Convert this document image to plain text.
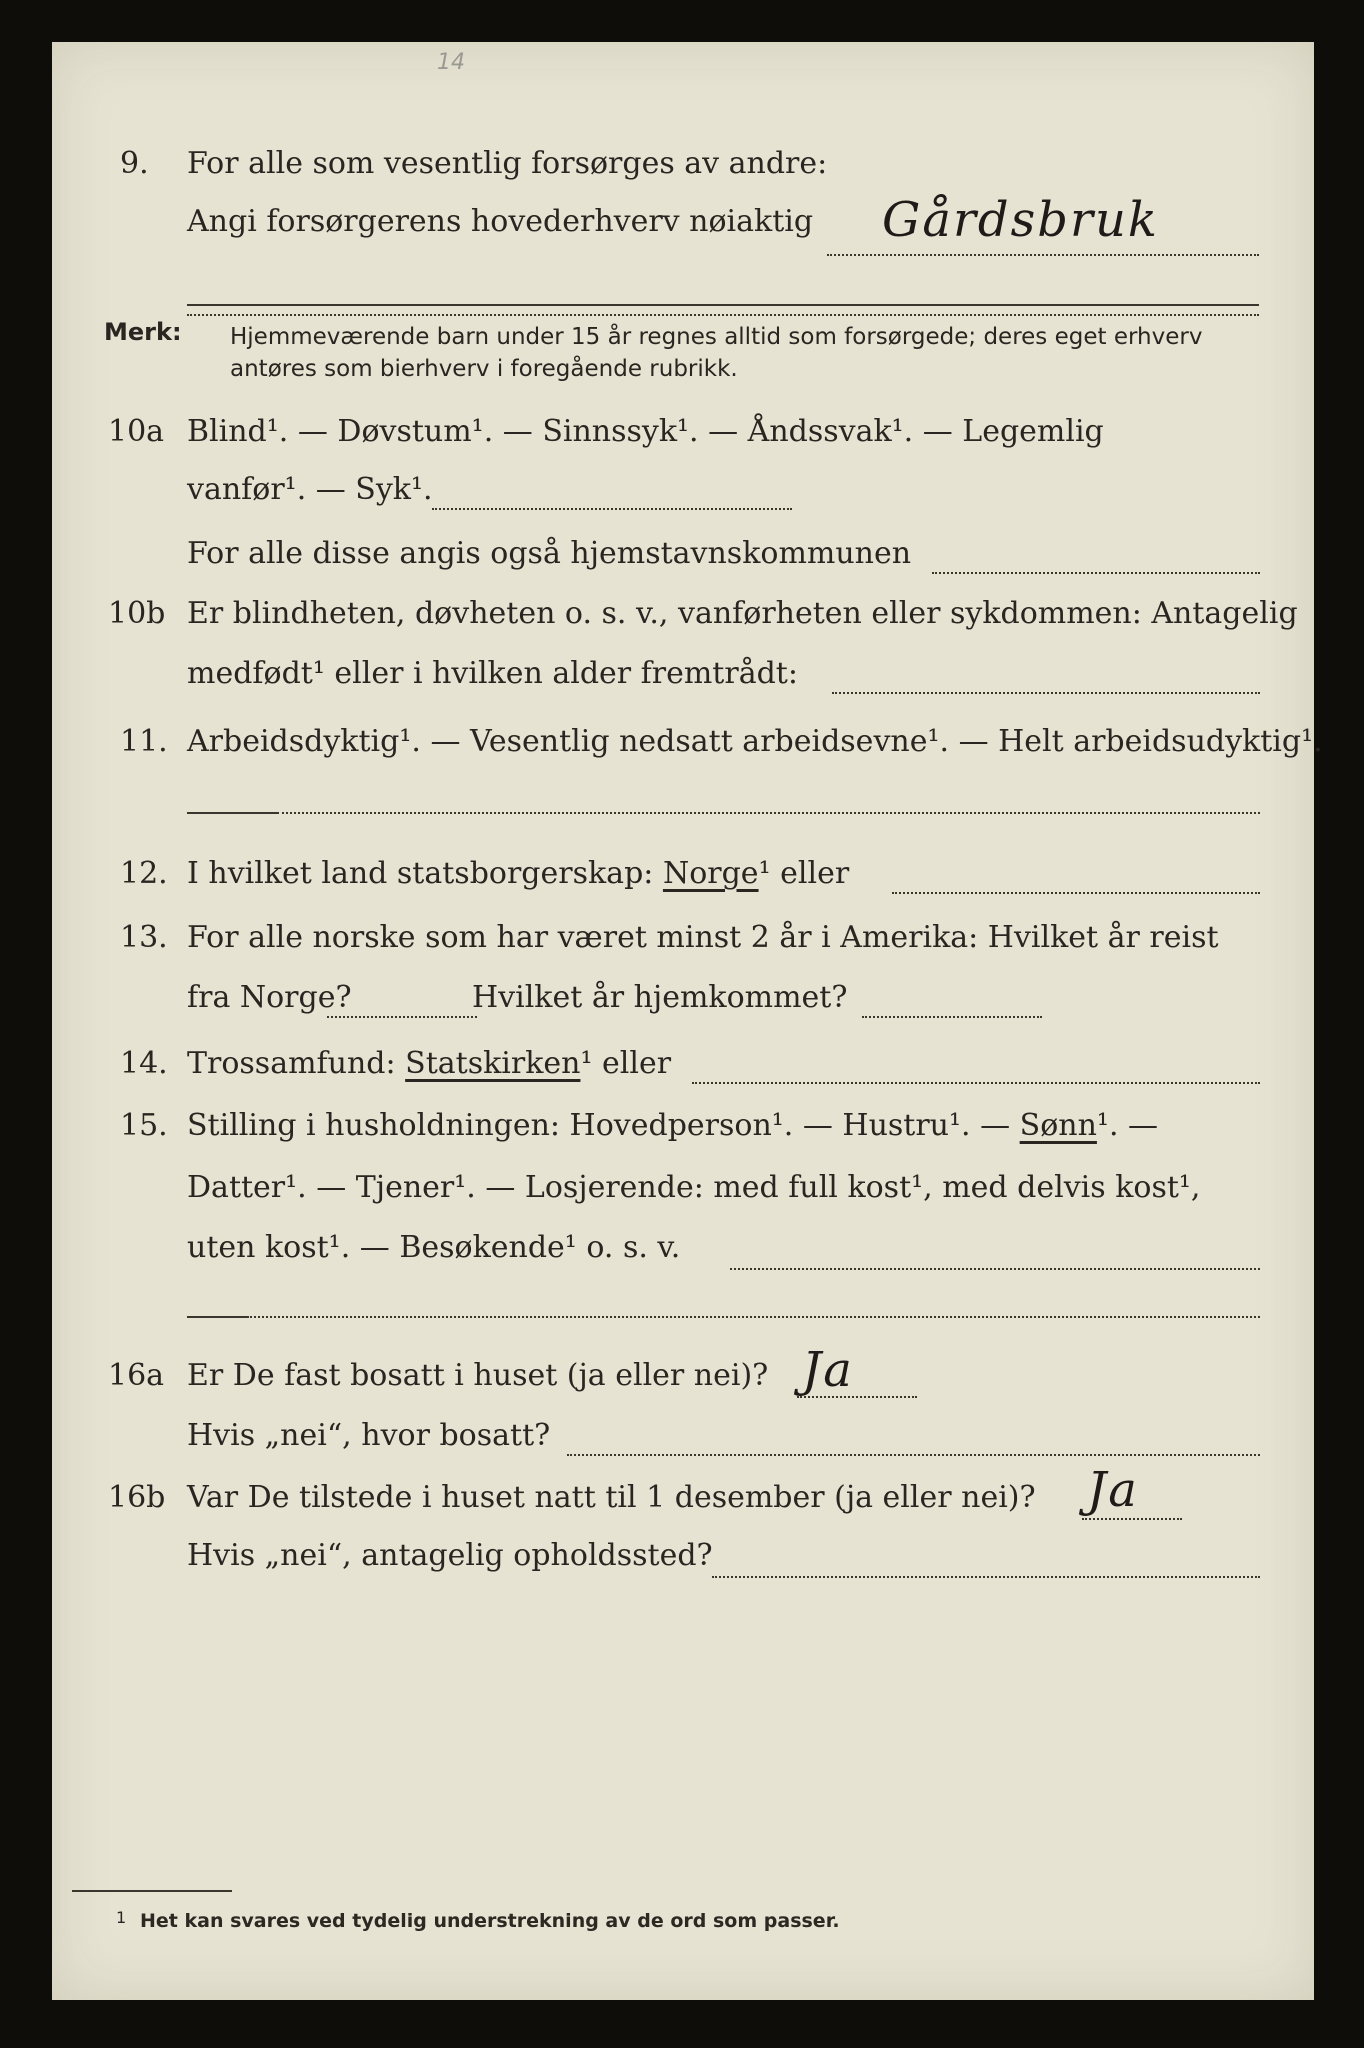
14
9. For alle som vesentlig forsørges av andre:
Angi forsørgerens hovederhverv nøiaktig Gårdsbruk
Merk: Hjemmeværende barn under 15 år regnes alltid som forsørgede; deres eget erhverv
antøres som bierhverv i foregående rubrikk.
10a Blind¹. — Døvstum¹. — Sinnssyk¹. — Åndssvak¹. — Legemlig
vanfør¹. — Syk¹.
For alle disse angis også hjemstavnskommunen
10b Er blindheten, døvheten o. s. v., vanførheten eller sykdommen: Antagelig
medfødt¹ eller i hvilken alder fremtrådt:
11. Arbeidsdyktig¹. — Vesentlig nedsatt arbeidsevne¹. — Helt arbeidsudyktig¹.
12. I hvilket land statsborgerskap: Norge¹ eller
13. For alle norske som har været minst 2 år i Amerika: Hvilket år reist
fra Norge?	Hvilket år hjemkommet?
14. Trossamfund: Statskirken¹ eller
15. Stilling i husholdningen: Hovedperson¹. — Hustru¹. — Sønn¹. —
Datter¹. — Tjener¹. — Losjerende: med full kost¹, med delvis kost¹,
uten kost¹. — Besøkende¹ o. s. v.
16a Er De fast bosatt i huset (ja eller nei)? Ja
Hvis „nei“, hvor bosatt?
16b Var De tilstede i huset natt til 1 desember (ja eller nei)? Ja
Hvis „nei“, antagelig opholdssted?
1 Het kan svares ved tydelig understrekning av de ord som passer.
